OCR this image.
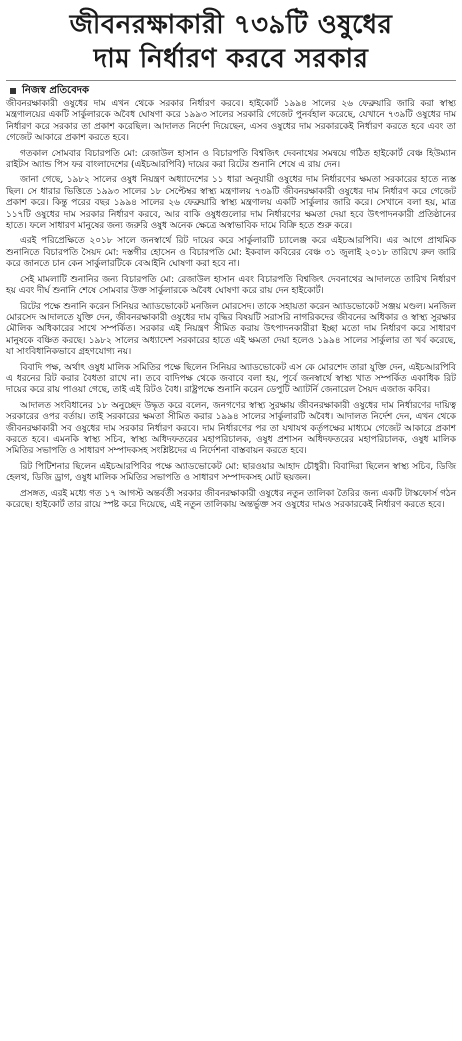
জীবনরক্ষাকারী ৭৩৯টি ওষুধের
দাম নির্ধারণ করবে সরকার
নিজস্ব প্রতিবেদক

জীবনরক্ষাকারী ওষুধের দাম এখন থেকে সরকার নির্ধারণ করবে। হাইকোর্ট ১৯৯৪ সালের ২৬ ফেব্রুয়ারি জারি করা স্বাস্থ্য মন্ত্রণালয়ের একটি সার্কুলারকে অবৈধ ঘোষণা করে ১৯৯৩ সালের সরকারি গেজেট পুনর্বহাল করেছে, যেখানে ৭৩৯টি ওষুধের দাম নির্ধারণ করে সরকার তা প্রকাশ করেছিল। আদালত নির্দেশ দিয়েছেন, এসব ওষুধের দাম সরকারকেই নির্ধারণ করতে হবে এবং তা গেজেট আকারে প্রকাশ করতে হবে।

গতকাল সোমবার বিচারপতি মো: রেজাউল হাসান ও বিচারপতি বিশ্বজিৎ দেবনাথের সমন্বয়ে গঠিত হাইকোর্ট বেঞ্চ হিউম্যান রাইটস অ্যান্ড পিস ফর বাংলাদেশের (এইচআরপিবি) দায়ের করা রিটের শুনানি শেষে এ রায় দেন।

জানা গেছে, ১৯৮২ সালের ওষুধ নিয়ন্ত্রণ অধ্যাদেশের ১১ ধারা অনুযায়ী ওষুধের দাম নির্ধারণের ক্ষমতা সরকারের হাতে ন্যস্ত ছিল। সে ধারার ভিত্তিতে ১৯৯৩ সালের ১৮ সেপ্টেম্বর স্বাস্থ্য মন্ত্রণালয় ৭৩৯টি জীবনরক্ষাকারী ওষুধের দাম নির্ধারণ করে গেজেট প্রকাশ করে। কিন্তু পরের বছর ১৯৯৪ সালের ২৬ ফেব্রুয়ারি স্বাস্থ্য মন্ত্রণালয় একটি সার্কুলার জারি করে। সেখানে বলা হয়, মাত্র ১১৭টি ওষুধের দাম সরকার নির্ধারণ করবে, আর বাকি ওষুধগুলোর দাম নির্ধারণের ক্ষমতা দেয়া হবে উৎপাদনকারী প্রতিষ্ঠানের হাতে। ফলে সাধারণ মানুষের জন্য জরুরি ওষুধ অনেক ক্ষেত্রে অস্বাভাবিক দামে বিক্রি হতে শুরু করে।

এরই পরিপ্রেক্ষিতে ২০১৮ সালে জনস্বার্থে রিট দায়ের করে সার্কুলারটি চ্যালেঞ্জ করে এইচআরপিবি। এর আগে প্রাথমিক শুনানিতে বিচারপতি সৈয়দ মো: দস্তগীর হোসেন ও বিচারপতি মো: ইকবাল কবিরের বেঞ্চ ৩১ জুলাই ২০১৮ তারিখে রুল জারি করে জানতে চান কেন সার্কুলারটিকে বেআইনি ঘোষণা করা হবে না।

সেই মামলাটি শুনানির জন্য বিচারপতি মো: রেজাউল হাসান এবং বিচারপতি বিশ্বজিৎ দেবনাথের আদালতে তারিখ নির্ধারণ হয় এবং দীর্ঘ শুনানি শেষে সোমবার উক্ত সার্কুলারকে অবৈধ ঘোষণা করে রায় দেন হাইকোর্ট।

রিটের পক্ষে শুনানি করেন সিনিয়র অ্যাডভোকেট মনজিল মোরসেদ। তাকে সহায়তা করেন অ্যাডভোকেট সঞ্জয় মণ্ডল। মনজিল মোরসেদ আদালতে যুক্তি দেন, জীবনরক্ষাকারী ওষুধের দাম বৃদ্ধির বিষয়টি সরাসরি নাগরিকদের জীবনের অধিকার ও স্বাস্থ্য সুরক্ষার মৌলিক অধিকারের সাথে সম্পর্কিত। সরকার এই নিয়ন্ত্রণ সীমিত করায় উৎপাদনকারীরা ইচ্ছা মতো দাম নির্ধারণ করে সাধারণ মানুষকে বঞ্চিত করছে। ১৯৮২ সালের অধ্যাদেশ সরকারের হাতে এই ক্ষমতা দেয়া হলেও ১৯৯৪ সালের সার্কুলার তা খর্ব করেছে, যা সাংবিধানিকভাবে গ্রহণযোগ্য নয়।

বিবাদি পক্ষ, অর্থাৎ ওষুধ মালিক সমিতির পক্ষে ছিলেন সিনিয়র অ্যাডভোকেট এস কে মোরশেদ তারা যুক্তি দেন, এইচআরপিবি এ ধরনের রিট করার বৈধতা রাখে না। তবে বাদিপক্ষ থেকে জবাবে বলা হয়, পূর্বে জনস্বার্থে স্বাস্থ্য খাত সম্পর্কিত একাধিক রিট দায়ের করে রায় পাওয়া গেছে, তাই এই রিটও বৈধ। রাষ্ট্রপক্ষে শুনানি করেন ডেপুটি অ্যাটর্নি জেনারেল সৈয়দ এজাজ কবির।

আদালত সংবিধানের ১৮ অনুচ্ছেদ উদ্ধৃত করে বলেন, জনগণের স্বাস্থ্য সুরক্ষায় জীবনরক্ষাকারী ওষুধের দাম নির্ধারণের দায়িত্ব সরকারের ওপর বর্তায়। তাই সরকারের ক্ষমতা সীমিত করার ১৯৯৪ সালের সার্কুলারটি অবৈধ। আদালত নির্দেশ দেন, এখন থেকে জীবনরক্ষাকারী সব ওষুধের দাম সরকার নির্ধারণ করবে। দাম নির্ধারণের পর তা যথাযথ কর্তৃপক্ষের মাধ্যমে গেজেট আকারে প্রকাশ করতে হবে। এমনকি স্বাস্থ্য সচিব, স্বাস্থ্য অধিদফতরের মহাপরিচালক, ওষুধ প্রশাসন অধিদফতরের মহাপরিচালক, ওষুধ মালিক সমিতির সভাপতি ও সাধারণ সম্পাদকসহ সংশ্লিষ্টদের এ নির্দেশনা বাস্তবায়ন করতে হবে।

রিট পিটিশনার ছিলেন এইচআরপিবির পক্ষে অ্যাডভোকেট মো: ছারওয়ার আহাদ চৌধুরী। বিবাদিরা ছিলেন স্বাস্থ্য সচিব, ডিজি হেলথ, ডিজি ড্রাগ, ওষুধ মালিক সমিতির সভাপতি ও সাধারণ সম্পাদকসহ মোট ছয়জন।

প্রসঙ্গত, এরই মধ্যে গত ১৭ আগস্ট অন্তর্বর্তী সরকার জীবনরক্ষাকারী ওষুধের নতুন তালিকা তৈরির জন্য একটি টাস্কফোর্স গঠন করেছে। হাইকোর্ট তার রায়ে স্পষ্ট করে দিয়েছে, এই নতুন তালিকায় অন্তর্ভুক্ত সব ওষুধের দামও সরকারকেই নির্ধারণ করতে হবে।
